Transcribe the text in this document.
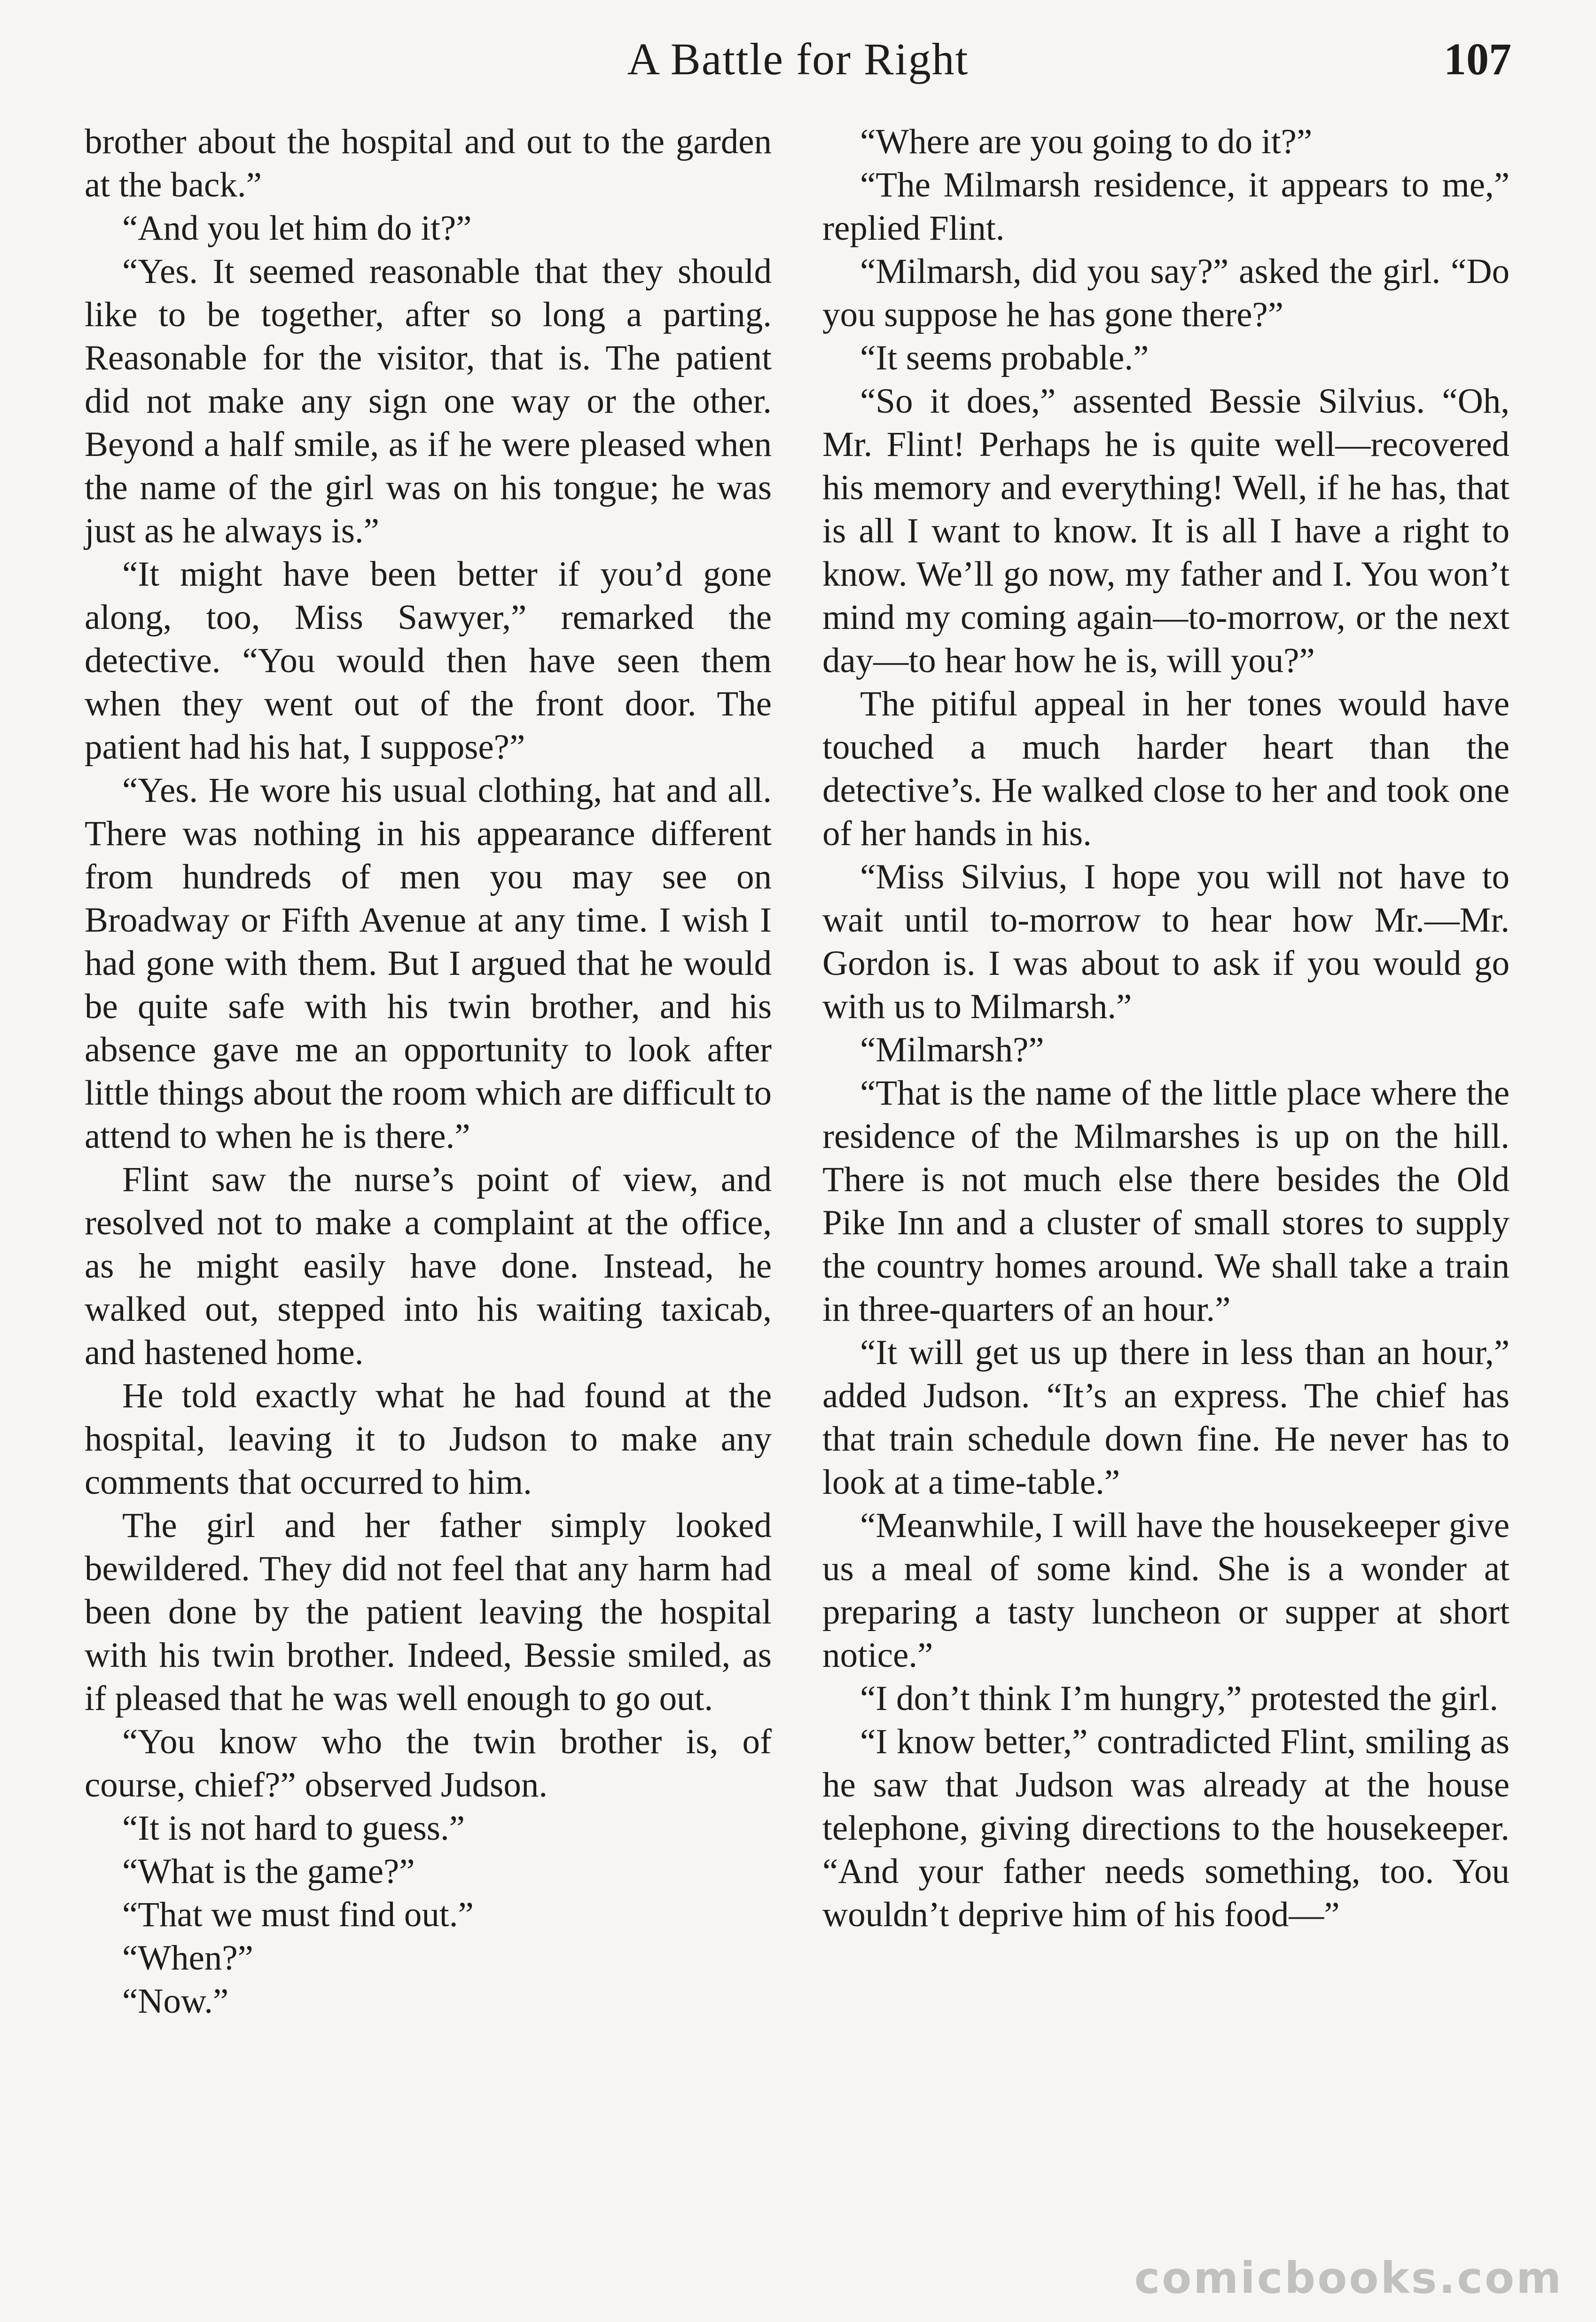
A Battle for Right	107

brother about the hospital and out to the garden at the back.”

“And you let him do it?”

“Yes. It seemed reasonable that they should like to be together, after so long a parting. Reasonable for the visitor, that is. The patient did not make any sign one way or the other. Beyond a half smile, as if he were pleased when the name of the girl was on his tongue; he was just as he always is.”

“It might have been better if you’d gone along, too, Miss Sawyer,” remarked the detective. “You would then have seen them when they went out of the front door. The patient had his hat, I suppose?”

“Yes. He wore his usual clothing, hat and all. There was nothing in his appearance different from hundreds of men you may see on Broadway or Fifth Avenue at any time. I wish I had gone with them. But I argued that he would be quite safe with his twin brother, and his absence gave me an opportunity to look after little things about the room which are difficult to attend to when he is there.”

Flint saw the nurse’s point of view, and resolved not to make a complaint at the office, as he might easily have done. Instead, he walked out, stepped into his waiting taxicab, and hastened home.

He told exactly what he had found at the hospital, leaving it to Judson to make any comments that occurred to him.

The girl and her father simply looked bewildered. They did not feel that any harm had been done by the patient leaving the hospital with his twin brother. Indeed, Bessie smiled, as if pleased that he was well enough to go out.

“You know who the twin brother is, of course, chief?” observed Judson.

“It is not hard to guess.”

“What is the game?”

“That we must find out.”

“When?”

“Now.”

“Where are you going to do it?”

“The Milmarsh residence, it appears to me,” replied Flint.

“Milmarsh, did you say?” asked the girl. “Do you suppose he has gone there?”

“It seems probable.”

“So it does,” assented Bessie Silvius. “Oh, Mr. Flint! Perhaps he is quite well—recovered his memory and everything! Well, if he has, that is all I want to know. It is all I have a right to know. We’ll go now, my father and I. You won’t mind my coming again—to-morrow, or the next day—to hear how he is, will you?”

The pitiful appeal in her tones would have touched a much harder heart than the detective’s. He walked close to her and took one of her hands in his.

“Miss Silvius, I hope you will not have to wait until to-morrow to hear how Mr.—Mr. Gordon is. I was about to ask if you would go with us to Milmarsh.”

“Milmarsh?”

“That is the name of the little place where the residence of the Milmarshes is up on the hill. There is not much else there besides the Old Pike Inn and a cluster of small stores to supply the country homes around. We shall take a train in three-quarters of an hour.”

“It will get us up there in less than an hour,” added Judson. “It’s an express. The chief has that train schedule down fine. He never has to look at a time-table.”

“Meanwhile, I will have the housekeeper give us a meal of some kind. She is a wonder at preparing a tasty luncheon or supper at short notice.”

“I don’t think I’m hungry,” protested the girl.

“I know better,” contradicted Flint, smiling as he saw that Judson was already at the house telephone, giving directions to the housekeeper. “And your father needs something, too. You wouldn’t deprive him of his food—”

comicbooks.com
